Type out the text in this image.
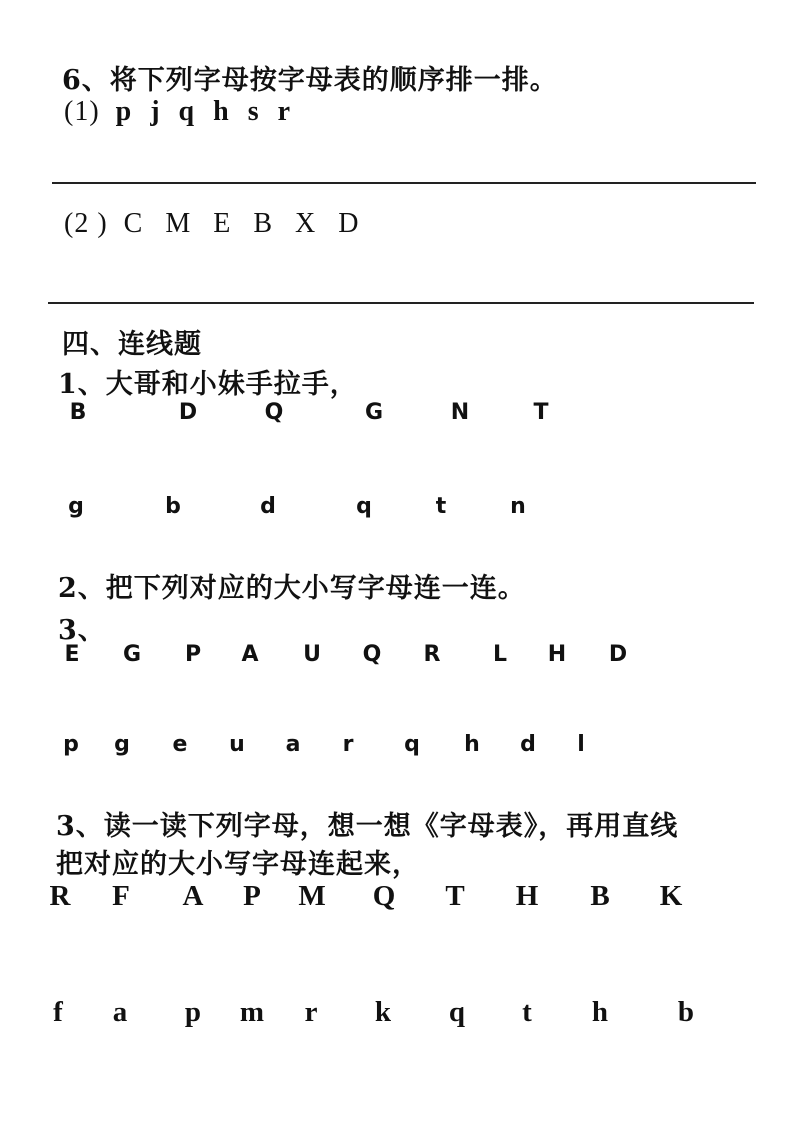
6、将下列字母按字母表的顺序排一排。
(1) p j q h s r
(2 ) C M E B X D
四、连线题
1、大哥和小妹手拉手，
B	D	Q	G	N	T
g	b	d	q	t	n
2、把下列对应的大小写字母连一连。
3、
E G P A U Q R L H D
p g e u a r q h d l
3、读一读下列字母，想一想《字母表》，再用直线
把对应的大小写字母连起来，
R F A P M Q T H B K
f a p m r k q t h b
